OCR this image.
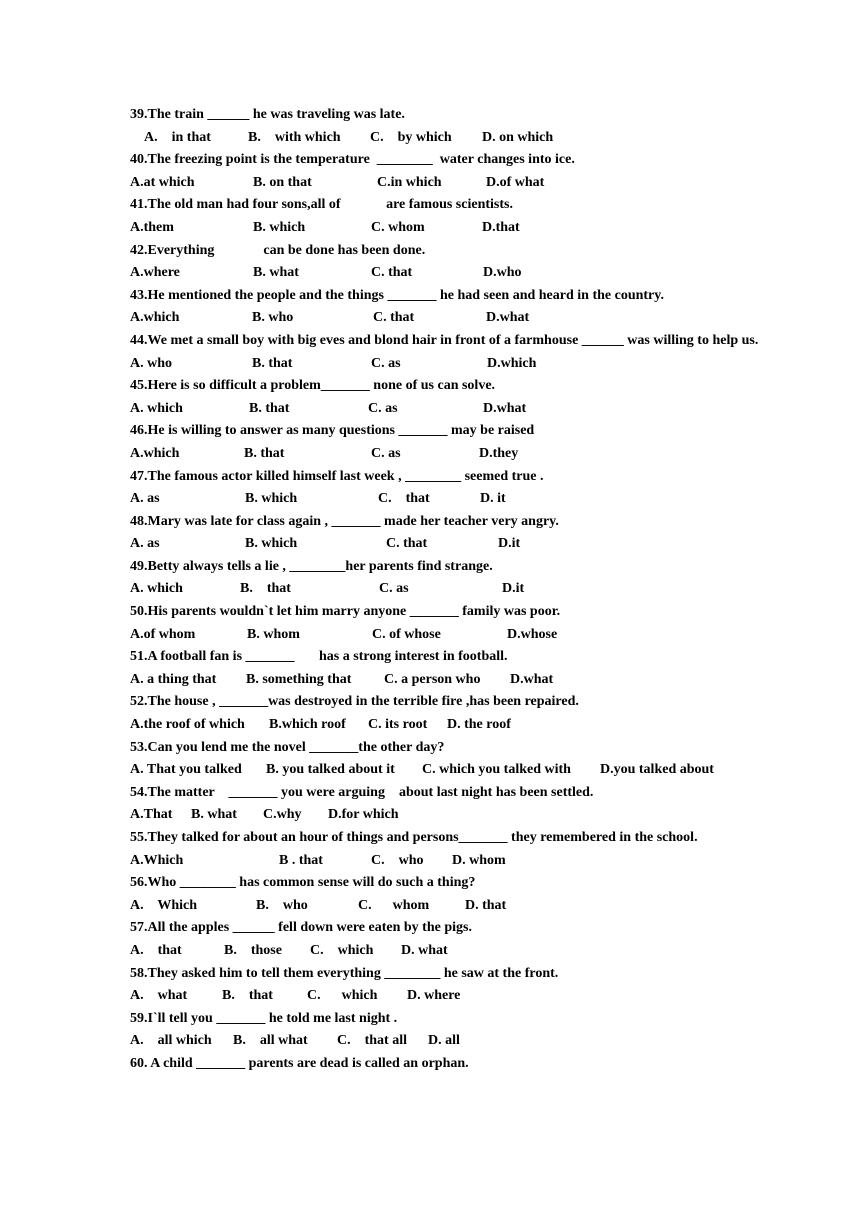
39.The train ______ he was traveling was late.
A.    in that	B.    with which C.    by which D. on which
40.The freezing point is the temperature  ________  water changes into ice.
A.at which	B. on that	C.in which	D.of what
41.The old man had four sons,all of             are famous scientists.
A.them	B. which	C. whom	D.that
42.Everything              can be done has been done.
A.where	B. what	C. that	D.who
43.He mentioned the people and the things _______ he had seen and heard in the country.
A.which	B. who	C. that	D.what
44.We met a small boy with big eves and blond hair in front of a farmhouse ______ was willing to help us.
A. who	B. that	C. as	D.which
45.Here is so difficult a problem_______ none of us can solve.
A. which	B. that	C. as	D.what
46.He is willing to answer as many questions _______ may be raised
A.which	B. that	C. as	D.they
47.The famous actor killed himself last week , ________ seemed true .
A. as	B. which	C.    that	D. it
48.Mary was late for class again , _______ made her teacher very angry.
A. as	B. which	C. that	D.it
49.Betty always tells a lie , ________her parents find strange.
A. which	B.    that	C. as	D.it
50.His parents wouldn`t let him marry anyone _______ family was poor.
A.of whom	B. whom	C. of whose	D.whose
51.A football fan is _______       has a strong interest in football.
A. a thing that B. something that C. a person who D.what
52.The house , _______was destroyed in the terrible fire ,has been repaired.
A.the roof of which B.which roof C. its root D. the roof
53.Can you lend me the novel _______the other day?
A. That you talked B. you talked about it C. which you talked with D.you talked about
54.The matter    _______ you were arguing    about last night has been settled.
A.That B. what C.why D.for which
55.They talked for about an hour of things and persons_______ they remembered in the school.
A.Which	B . that	C.    who D. whom
56.Who ________ has common sense will do such a thing?
A.    Which	B.    who	C.      whom	D. that
57.All the apples ______ fell down were eaten by the pigs.
A.    that	B.    those C.    which D. what
58.They asked him to tell them everything ________ he saw at the front.
A.    what B.    that C.      which D. where
59.I`ll tell you _______ he told me last night .
A.    all which B.    all what C.    that all D. all
60. A child _______ parents are dead is called an orphan.
